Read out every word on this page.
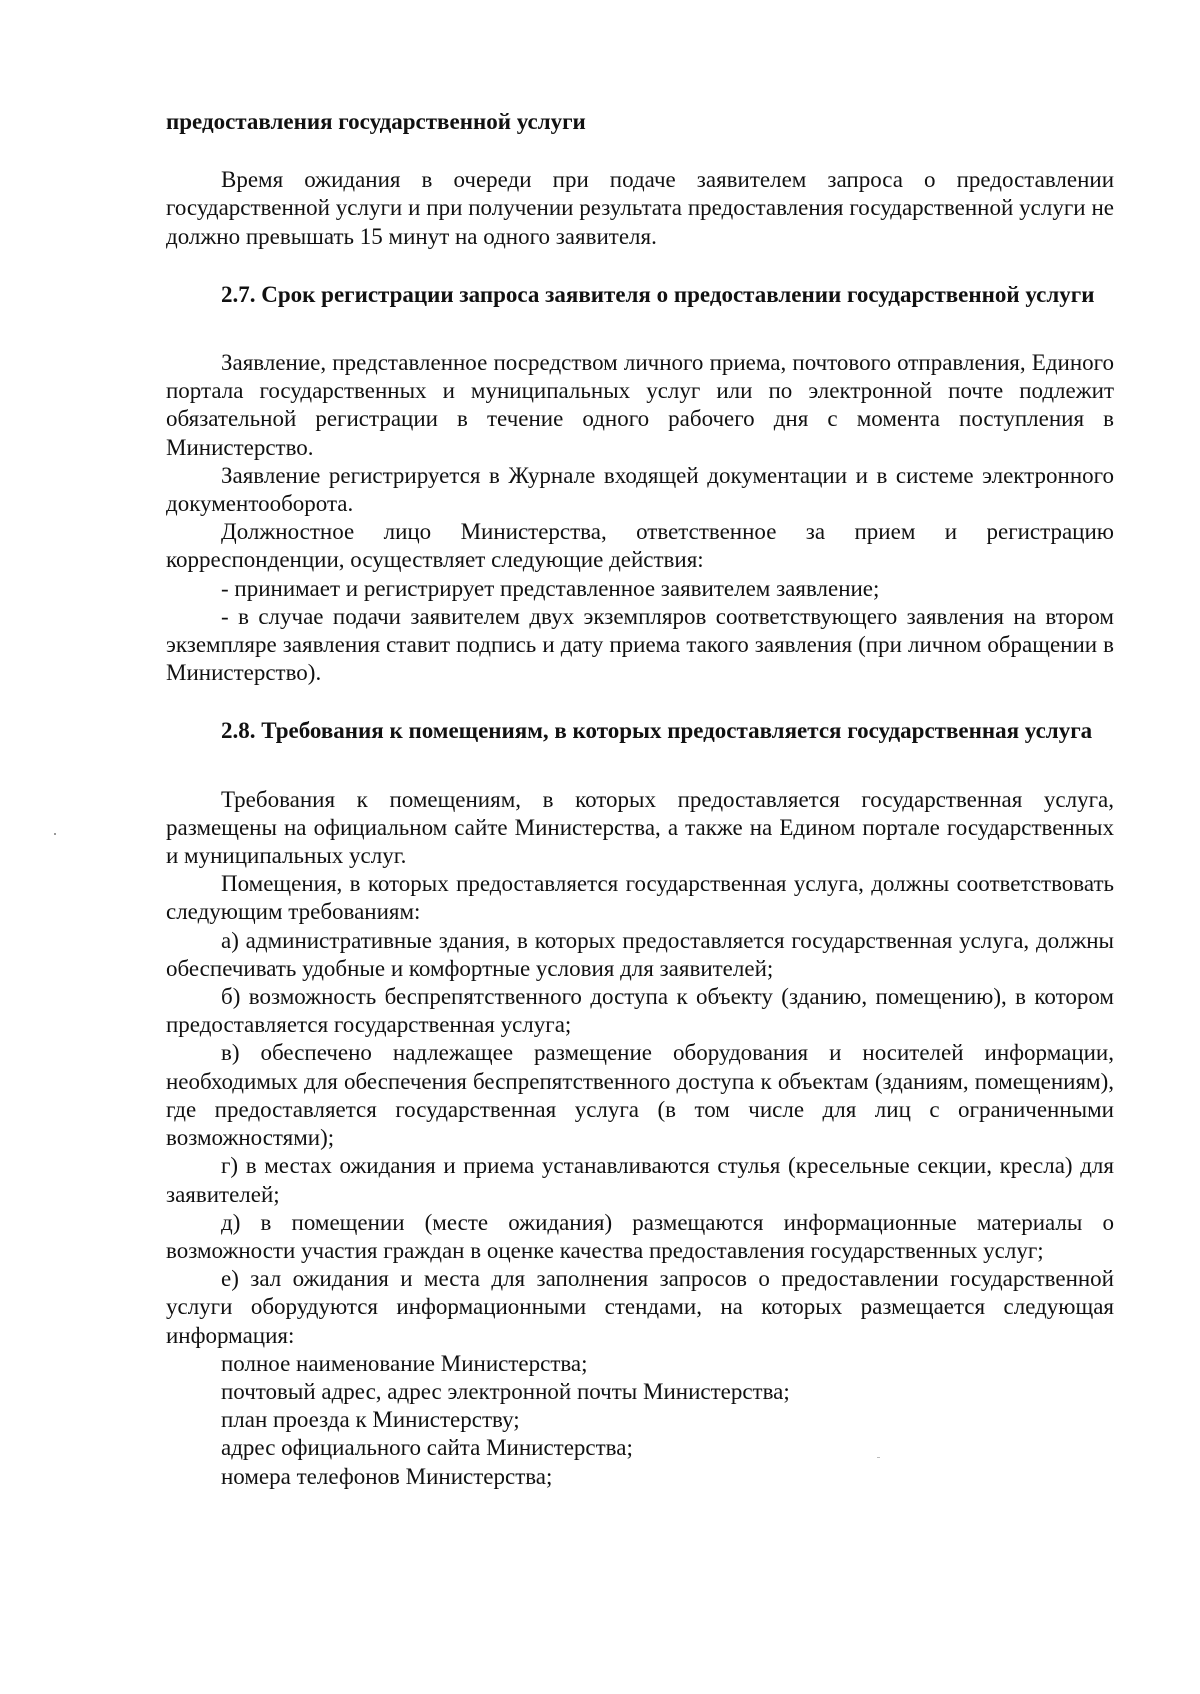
предоставления государственной услуги

Время ожидания в очереди при подаче заявителем запроса о предоставлении государственной услуги и при получении результата предоставления государственной услуги не должно превышать 15 минут на одного заявителя.

2.7. Срок регистрации запроса заявителя о предоставлении государственной услуги

Заявление, представленное посредством личного приема, почтового отправления, Единого портала государственных и муниципальных услуг или по электронной почте подлежит обязательной регистрации в течение одного рабочего дня с момента поступления в Министерство.

Заявление регистрируется в Журнале входящей документации и в системе электронного документооборота.

Должностное лицо Министерства, ответственное за прием и регистрацию корреспонденции, осуществляет следующие действия:

- принимает и регистрирует представленное заявителем заявление;

- в случае подачи заявителем двух экземпляров соответствующего заявления на втором экземпляре заявления ставит подпись и дату приема такого заявления (при личном обращении в Министерство).

2.8. Требования к помещениям, в которых предоставляется государственная услуга

Требования к помещениям, в которых предоставляется государственная услуга, размещены на официальном сайте Министерства, а также на Едином портале государственных и муниципальных услуг.

Помещения, в которых предоставляется государственная услуга, должны соответствовать следующим требованиям:

а) административные здания, в которых предоставляется государственная услуга, должны обеспечивать удобные и комфортные условия для заявителей;

б) возможность беспрепятственного доступа к объекту (зданию, помещению), в котором предоставляется государственная услуга;

в) обеспечено надлежащее размещение оборудования и носителей информации, необходимых для обеспечения беспрепятственного доступа к объектам (зданиям, помещениям), где предоставляется государственная услуга (в том числе для лиц с ограниченными возможностями);

г) в местах ожидания и приема устанавливаются стулья (кресельные секции, кресла) для заявителей;

д) в помещении (месте ожидания) размещаются информационные материалы о возможности участия граждан в оценке качества предоставления государственных услуг;

е) зал ожидания и места для заполнения запросов о предоставлении государственной услуги оборудуются информационными стендами, на которых размещается следующая информация:

полное наименование Министерства;

почтовый адрес, адрес электронной почты Министерства;

план проезда к Министерству;

адрес официального сайта Министерства;

номера телефонов Министерства;
